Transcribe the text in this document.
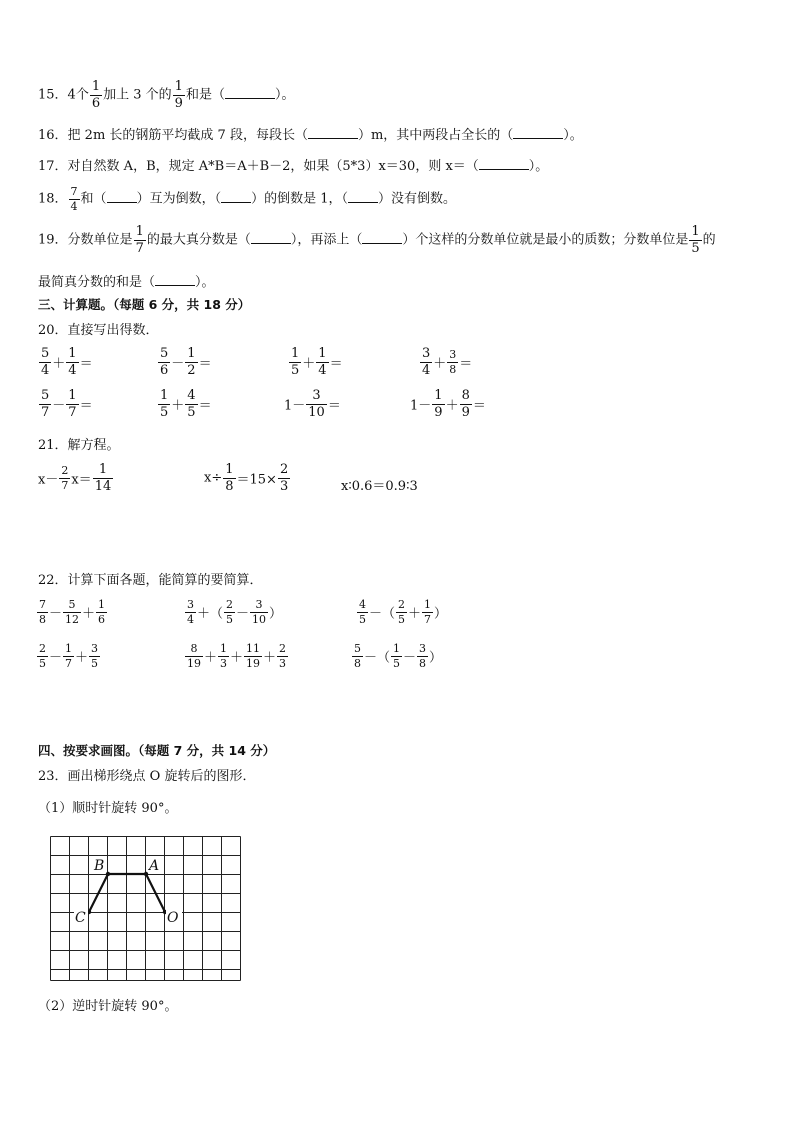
15．4个 $\frac{1}{6}$ 加上 3 个的 $\frac{1}{9}$ 和是（	）。
16．把 2m 长的钢筋平均截成 7 段，每段长（	）m，其中两段占全长的（	）。
17．对自然数 A，B，规定 A*B＝A＋B－2，如果（5*3）x＝30，则 x＝（	）。
18． $\frac{7}{4}$ 和（ ）互为倒数，（ ）的倒数是 1，（ ）没有倒数。
19．分数单位是 $\frac{1}{7}$ 的最大真分数是（	），再添上（	）个这样的分数单位就是最小的质数；分数单位是 $\frac{1}{5}$ 的
最简真分数的和是（	）。
三、计算题。（每题 6 分，共 18 分）
20．直接写出得数．
$\frac{5}{4} + \frac{1}{4}$ ＝	$\frac{5}{6} - \frac{1}{2}$ ＝	$\frac{1}{5} + \frac{1}{4}$ ＝	$\frac{3}{4} + \frac{3}{8}$ ＝
$\frac{5}{7} - \frac{1}{7}$ ＝	$\frac{1}{5} + \frac{4}{5}$ ＝	$1- \frac{3}{10}$ ＝	$1- \frac{1}{9} + \frac{8}{9}$ ＝
21．解方程。
$x- \frac{2}{7} x= \frac{1}{14}$	$x\div \frac{1}{8} =15\times \frac{2}{3}$	x∶0.6＝0.9∶3
22．计算下面各题，能简算的要简算．
$\frac{7}{8} - \frac{5}{12} + \frac{1}{6}$	$\frac{3}{4}$ ＋（ $\frac{2}{5} - \frac{3}{10}$ ）	$\frac{4}{5}$ －（ $\frac{2}{5} + \frac{1}{7}$ ）
$\frac{2}{5} - \frac{1}{7} + \frac{3}{5}$	$\frac{8}{19} + \frac{1}{3} + \frac{11}{19} + \frac{2}{3}$	$\frac{5}{8}$ －（ $\frac{1}{5} - \frac{3}{8}$ ）
四、按要求画图。（每题 7 分，共 14 分）
23．画出梯形绕点 O 旋转后的图形．
（1）顺时针旋转 90°。
B	A
C	O
（2）逆时针旋转 90°。
